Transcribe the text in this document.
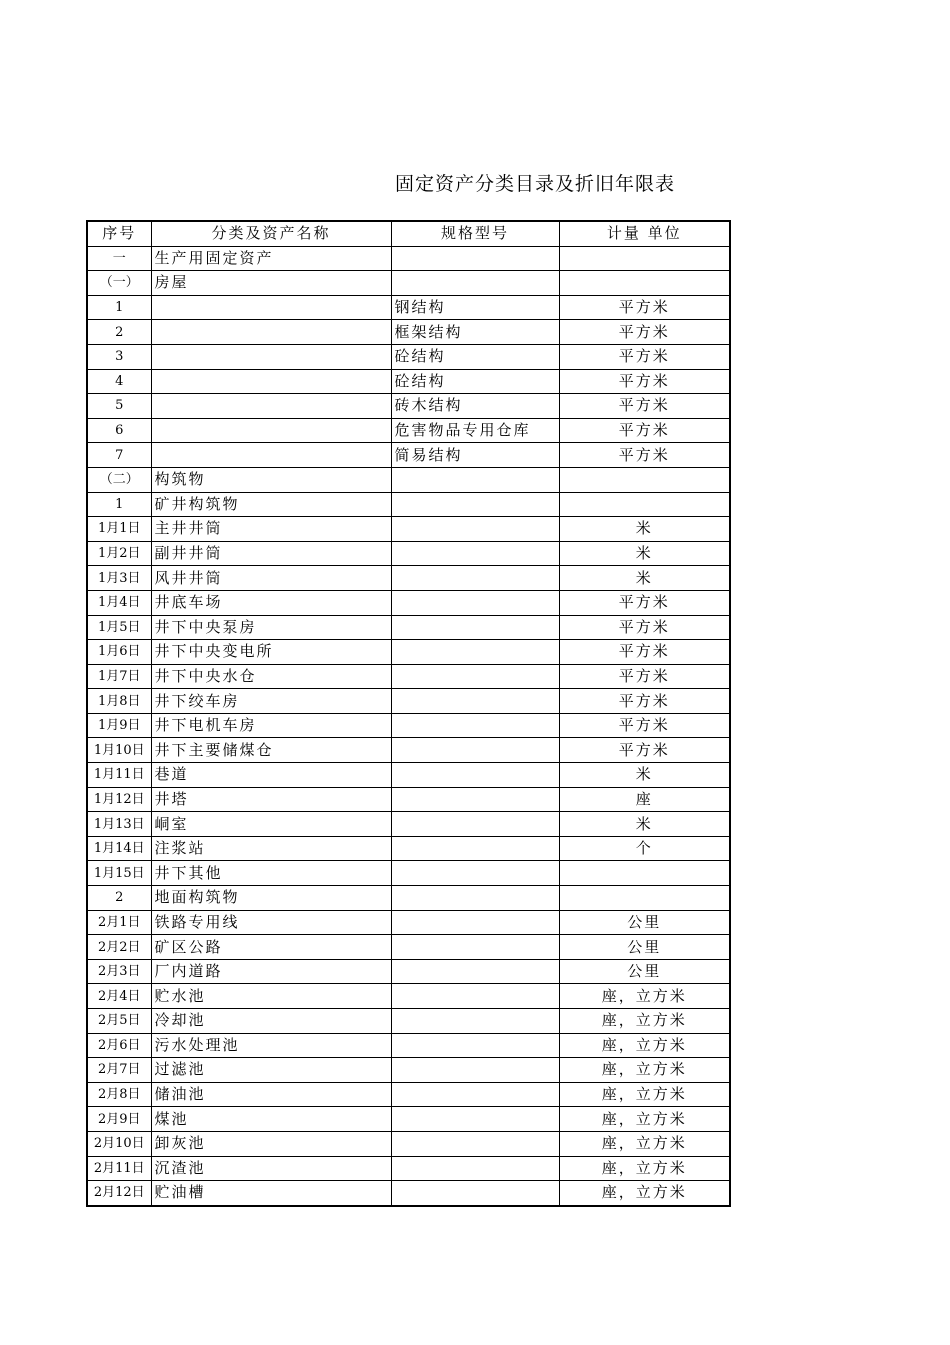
固定资产分类目录及折旧年限表
序号	分类及资产名称	规格型号	计量 单位
一	生产用固定资产		
（一）	房屋		
1		钢结构	平方米
2		框架结构	平方米
3		砼结构	平方米
4		砼结构	平方米
5		砖木结构	平方米
6		危害物品专用仓库	平方米
7		简易结构	平方米
（二）	构筑物		
1	矿井构筑物		
1月1日	主井井筒		米
1月2日	副井井筒		米
1月3日	风井井筒		米
1月4日	井底车场		平方米
1月5日	井下中央泵房		平方米
1月6日	井下中央变电所		平方米
1月7日	井下中央水仓		平方米
1月8日	井下绞车房		平方米
1月9日	井下电机车房		平方米
1月10日	井下主要储煤仓		平方米
1月11日	巷道		米
1月12日	井塔		座
1月13日	峒室		米
1月14日	注浆站		个
1月15日	井下其他		
2	地面构筑物		
2月1日	铁路专用线		公里
2月2日	矿区公路		公里
2月3日	厂内道路		公里
2月4日	贮水池		座，立方米
2月5日	冷却池		座，立方米
2月6日	污水处理池		座，立方米
2月7日	过滤池		座，立方米
2月8日	储油池		座，立方米
2月9日	煤池		座，立方米
2月10日	卸灰池		座，立方米
2月11日	沉渣池		座，立方米
2月12日	贮油槽		座，立方米
